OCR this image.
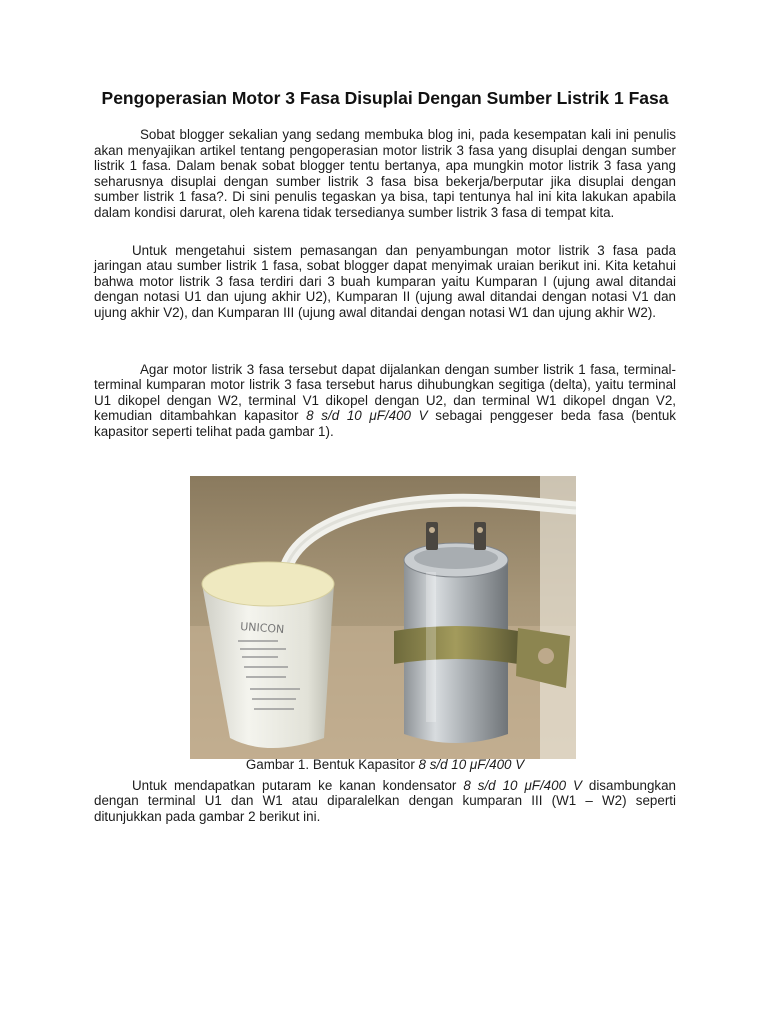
Pengoperasian Motor 3 Fasa Disuplai Dengan Sumber Listrik 1 Fasa

Sobat blogger sekalian yang sedang membuka blog ini, pada kesempatan kali ini penulis akan menyajikan artikel tentang pengoperasian motor listrik 3 fasa yang disuplai dengan sumber listrik 1 fasa. Dalam benak sobat blogger tentu bertanya, apa mungkin motor listrik 3 fasa yang seharusnya disuplai dengan sumber listrik 3 fasa bisa bekerja/berputar jika disuplai dengan sumber listrik 1 fasa?. Di sini penulis tegaskan ya bisa, tapi tentunya hal ini kita lakukan apabila dalam kondisi darurat, oleh karena tidak tersedianya sumber listrik 3 fasa di tempat kita.

Untuk mengetahui sistem pemasangan dan penyambungan motor listrik 3 fasa pada jaringan atau sumber listrik 1 fasa, sobat blogger dapat menyimak uraian berikut ini. Kita ketahui bahwa motor listrik 3 fasa terdiri dari 3 buah kumparan yaitu Kumparan I (ujung awal ditandai dengan notasi U1 dan ujung akhir U2), Kumparan II (ujung awal ditandai dengan notasi V1 dan ujung akhir V2), dan Kumparan III (ujung awal ditandai dengan notasi W1 dan ujung akhir W2).

Agar motor listrik 3 fasa tersebut dapat dijalankan dengan sumber listrik 1 fasa, terminal-terminal kumparan motor listrik 3 fasa tersebut harus dihubungkan segitiga (delta), yaitu terminal U1 dikopel dengan W2, terminal V1 dikopel dengan U2, dan terminal W1 dikopel dngan V2, kemudian ditambahkan kapasitor 8 s/d 10 μF/400 V sebagai penggeser beda fasa (bentuk kapasitor seperti telihat pada gambar 1).

UNICON
Gambar 1. Bentuk Kapasitor 8 s/d 10 μF/400 V

Untuk mendapatkan putaram ke kanan kondensator 8 s/d 10 μF/400 V disambungkan dengan terminal U1 dan W1 atau diparalelkan dengan kumparan III (W1 – W2) seperti ditunjukkan pada gambar 2 berikut ini.
